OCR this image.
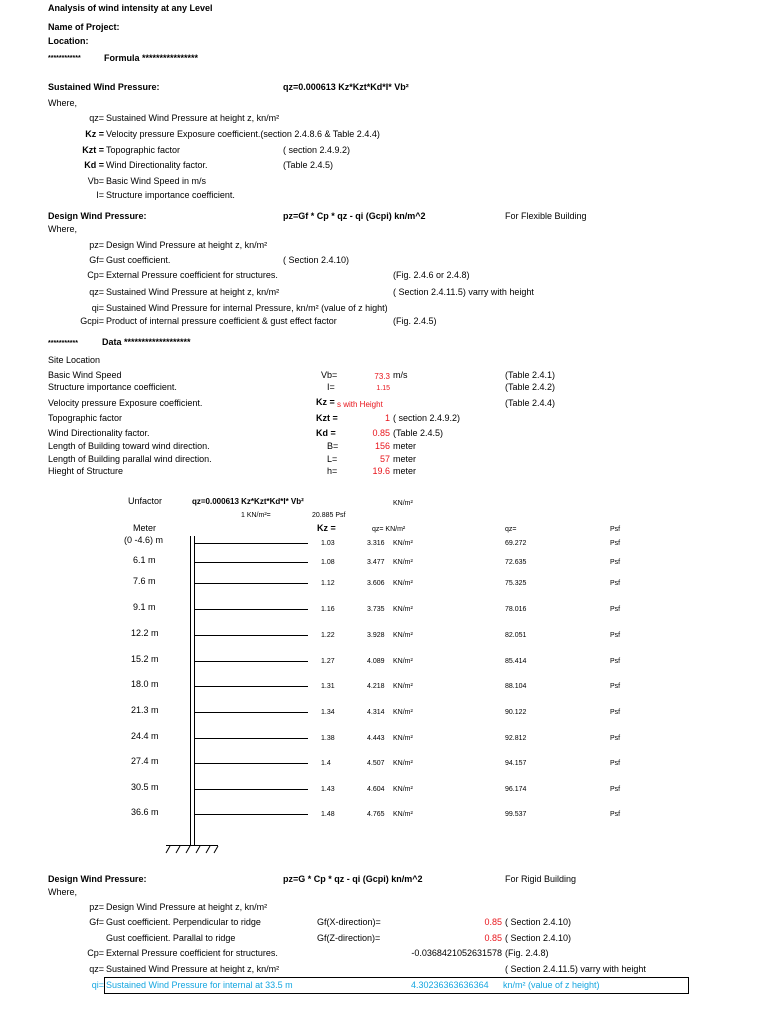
Analysis of wind intensity at any Level
Name of Project:
Location:
************	Formula ****************
Sustained Wind Pressure:	qz=0.000613 Kz*Kzt*Kd*I* Vb²
Where,
qz= Sustained Wind Pressure at height z, kn/m²
Kz = Velocity pressure Exposure coefficient.(section 2.4.8.6 & Table 2.4.4)
Kzt = Topographic factor	( section 2.4.9.2)
Kd = Wind Directionality factor.	(Table 2.4.5)
Vb= Basic Wind Speed in m/s
I= Structure importance coefficient.
Design Wind Pressure:	pz=Gf * Cp * qz - qi (Gcpi) kn/m^2	For Flexible Building
Where,
pz= Design Wind Pressure at height z, kn/m²
Gf= Gust coefficient.	( Section 2.4.10)
Cp= External Pressure coefficient for structures.	(Fig. 2.4.6 or 2.4.8)
qz= Sustained Wind Pressure at height z, kn/m²	( Section 2.4.11.5) varry with height
qi= Sustained Wind Pressure for internal Pressure, kn/m² (value of z hight)
Gcpi= Product of internal pressure coefficient & gust effect factor	(Fig. 2.4.5)
***********	Data *******************
Site Location
Basic Wind Speed	Vb=	73.3 m/s	(Table 2.4.1)
Structure importance coefficient.	I=	1.15	(Table 2.4.2)
Velocity pressure Exposure coefficient.	Kz = s with Height	(Table 2.4.4)
Topographic factor	Kzt =	1 ( section 2.4.9.2)
Wind Directionality factor.	Kd =	0.85 (Table 2.4.5)
Length of Building toward wind direction.	B=	156 meter
Length of Building parallal wind direction.	L=	57 meter
Hieght of Structure	h=	19.6 meter
Unfactor	qz=0.000613 Kz*Kzt*Kd*I* Vb²	KN/m²
1 KN/m²=	20.885 Psf
Meter	Kz =	qz= KN/m²	qz=	Psf
(0 -4.6) m	1.03	3.316 KN/m²	69.272	Psf
6.1 m	1.08	3.477 KN/m²	72.635	Psf
7.6 m	1.12	3.606 KN/m²	75.325	Psf
9.1 m	1.16	3.735 KN/m²	78.016	Psf
12.2 m	1.22	3.928 KN/m²	82.051	Psf
15.2 m	1.27	4.089 KN/m²	85.414	Psf
18.0 m	1.31	4.218 KN/m²	88.104	Psf
21.3 m	1.34	4.314 KN/m²	90.122	Psf
24.4 m	1.38	4.443 KN/m²	92.812	Psf
27.4 m	1.4	4.507 KN/m²	94.157	Psf
30.5 m	1.43	4.604 KN/m²	96.174	Psf
36.6 m	1.48	4.765 KN/m²	99.537	Psf
Design Wind Pressure:	pz=G * Cp * qz - qi (Gcpi) kn/m^2	For Rigid Building
Where,
pz= Design Wind Pressure at height z, kn/m²
Gf= Gust coefficient. Perpendicular to ridge	Gf(X-direction)=	0.85 ( Section 2.4.10)
Gust coefficient. Parallal to ridge	Gf(Z-direction)=	0.85 ( Section 2.4.10)
Cp= External Pressure coefficient for structures.	-0.0368421052631578 (Fig. 2.4.8)
qz= Sustained Wind Pressure at height z, kn/m²	( Section 2.4.11.5) varry with height
qi= Sustained Wind Pressure for internal at 33.5 m	4.30236363636364 kn/m² (value of z height)
